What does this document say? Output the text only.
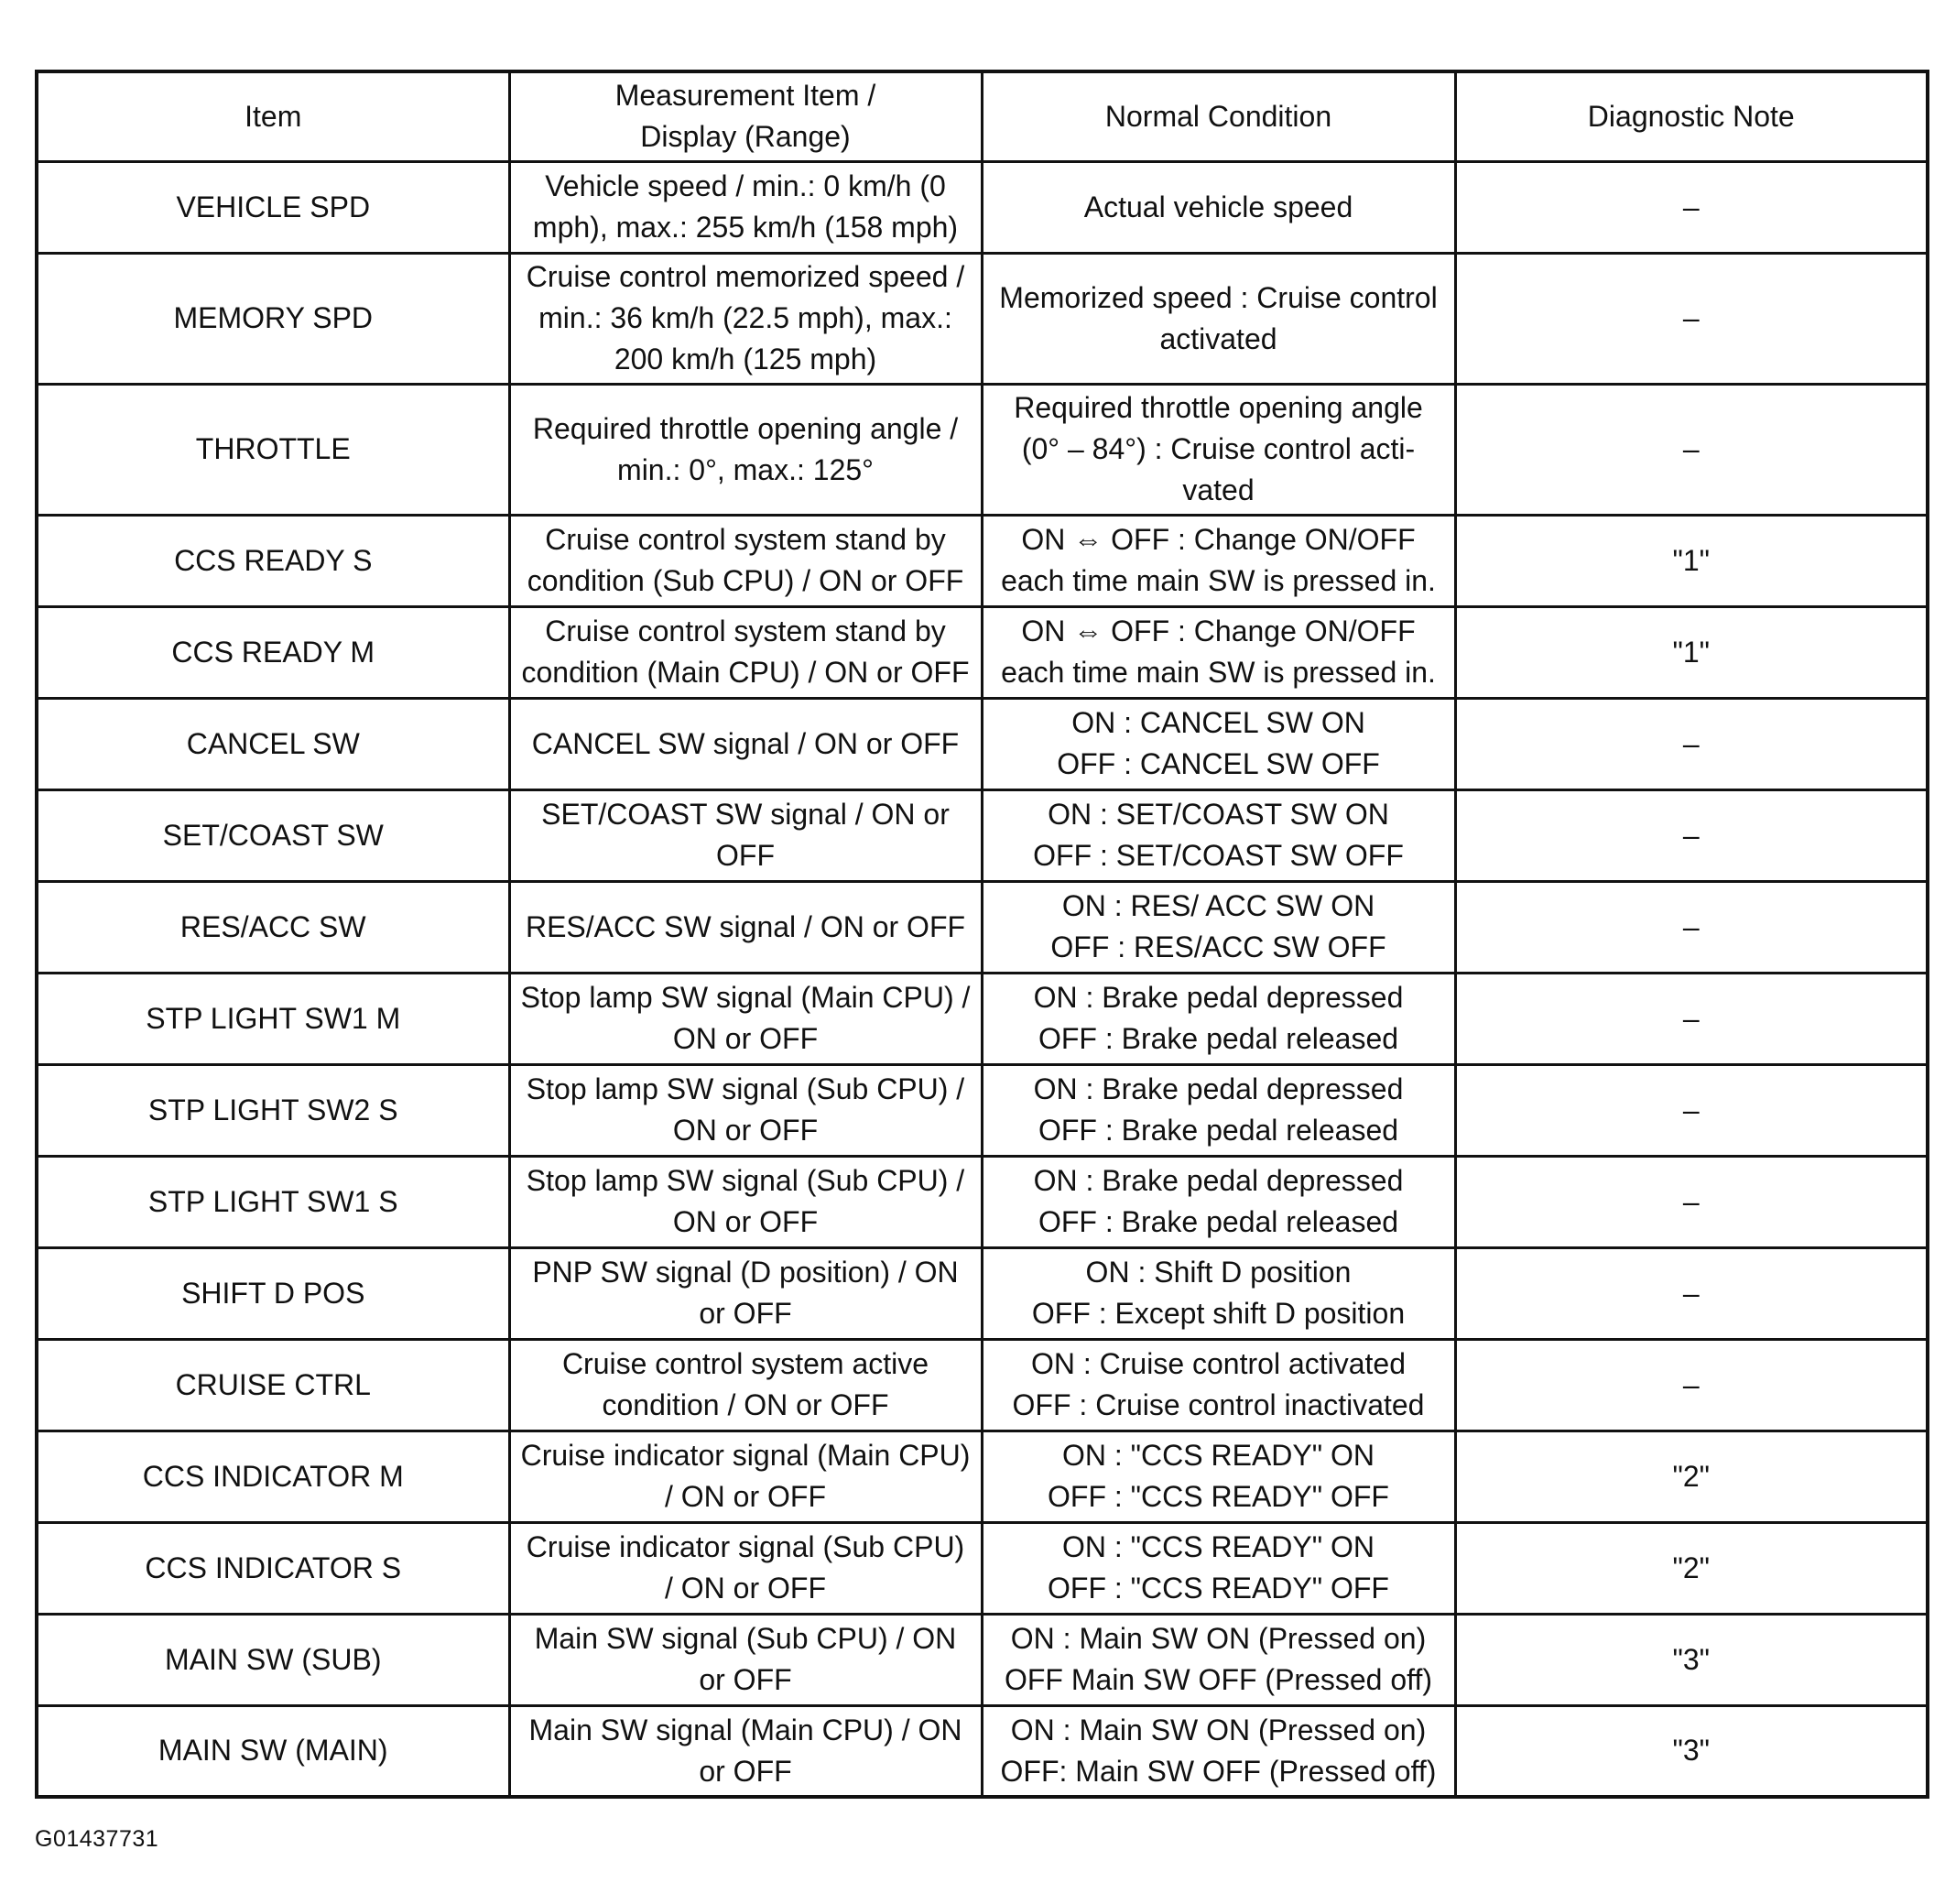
Item	Measurement Item /
Display (Range)	Normal Condition	Diagnostic Note
VEHICLE SPD	Vehicle speed / min.: 0 km/h (0
mph), max.: 255 km/h (158 mph)	Actual vehicle speed	–
MEMORY SPD	Cruise control memorized speed /
min.: 36 km/h (22.5 mph), max.:
200 km/h (125 mph)	Memorized speed : Cruise control
activated	–
THROTTLE	Required throttle opening angle /
min.: 0°, max.: 125°	Required throttle opening angle
(0° – 84°) : Cruise control acti-
vated	–
CCS READY S	Cruise control system stand by
condition (Sub CPU) / ON or OFF	ON ⇔ OFF : Change ON/OFF
each time main SW is pressed in.	"1"
CCS READY M	Cruise control system stand by
condition (Main CPU) / ON or OFF	ON ⇔ OFF : Change ON/OFF
each time main SW is pressed in.	"1"
CANCEL SW	CANCEL SW signal / ON or OFF	ON : CANCEL SW ON
OFF : CANCEL SW OFF	–
SET/COAST SW	SET/COAST SW signal / ON or
OFF	ON : SET/COAST SW ON
OFF : SET/COAST SW OFF	–
RES/ACC SW	RES/ACC SW signal / ON or OFF	ON : RES/ ACC SW ON
OFF : RES/ACC SW OFF	–
STP LIGHT SW1 M	Stop lamp SW signal (Main CPU) /
ON or OFF	ON : Brake pedal depressed
OFF : Brake pedal released	–
STP LIGHT SW2 S	Stop lamp SW signal (Sub CPU) /
ON or OFF	ON : Brake pedal depressed
OFF : Brake pedal released	–
STP LIGHT SW1 S	Stop lamp SW signal (Sub CPU) /
ON or OFF	ON : Brake pedal depressed
OFF : Brake pedal released	–
SHIFT D POS	PNP SW signal (D position) / ON
or OFF	ON : Shift D position
OFF : Except shift D position	–
CRUISE CTRL	Cruise control system active
condition / ON or OFF	ON : Cruise control activated
OFF : Cruise control inactivated	–
CCS INDICATOR M	Cruise indicator signal (Main CPU)
/ ON or OFF	ON : "CCS READY" ON
OFF : "CCS READY" OFF	"2"
CCS INDICATOR S	Cruise indicator signal (Sub CPU)
/ ON or OFF	ON : "CCS READY" ON
OFF : "CCS READY" OFF	"2"
MAIN SW (SUB)	Main SW signal (Sub CPU) / ON
or OFF	ON : Main SW ON (Pressed on)
OFF Main SW OFF (Pressed off)	"3"
MAIN SW (MAIN)	Main SW signal (Main CPU) / ON
or OFF	ON : Main SW ON (Pressed on)
OFF: Main SW OFF (Pressed off)	"3"
G01437731
